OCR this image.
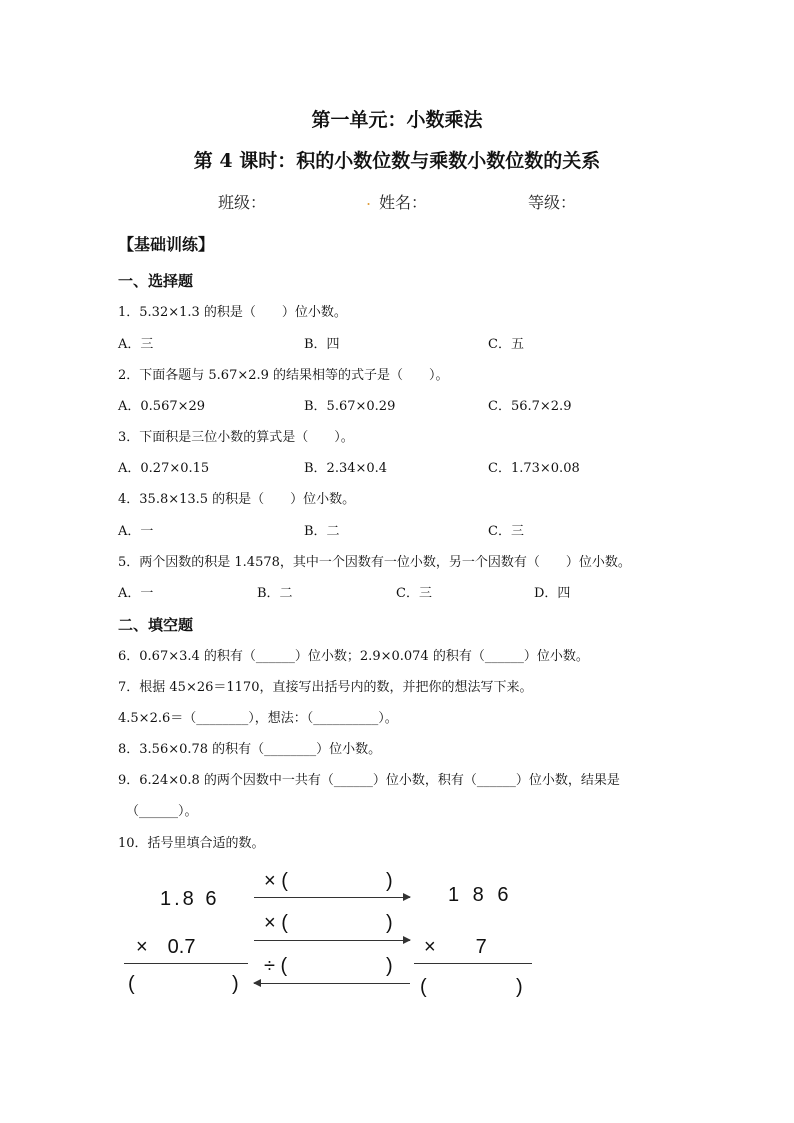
第一单元：小数乘法
第 4 课时：积的小数位数与乘数小数位数的关系
班级：	. 姓名：	等级：
【基础训练】
一、选择题
1．5.32×1.3 的积是（　　）位小数。
A．三	B．四	C．五
2．下面各题与 5.67×2.9 的结果相等的式子是（　　）。
A．0.567×29	B．5.67×0.29	C．56.7×2.9
3．下面积是三位小数的算式是（　　）。
A．0.27×0.15	B．2.34×0.4	C．1.73×0.08
4．35.8×13.5 的积是（　　）位小数。
A．一	B．二	C．三
5．两个因数的积是 1.4578，其中一个因数有一位小数，另一个因数有（　　）位小数。
A．一	B．二	C．三	D．四
二、填空题
6．0.67×3.4 的积有（______）位小数；2.9×0.074 的积有（______）位小数。
7．根据 45×26＝1170，直接写出括号内的数，并把你的想法写下来。
4.5×2.6＝（________），想法：（__________）。
8．3.56×0.78 的积有（________）位小数。
9．6.24×0.8 的两个因数中一共有（______）位小数，积有（______）位小数，结果是
（______）。
10．括号里填合适的数。
1.8 6
×　0.7
(	)
× (	)
× (	)
÷ (	)
1 8 6
×　　7
(	)
